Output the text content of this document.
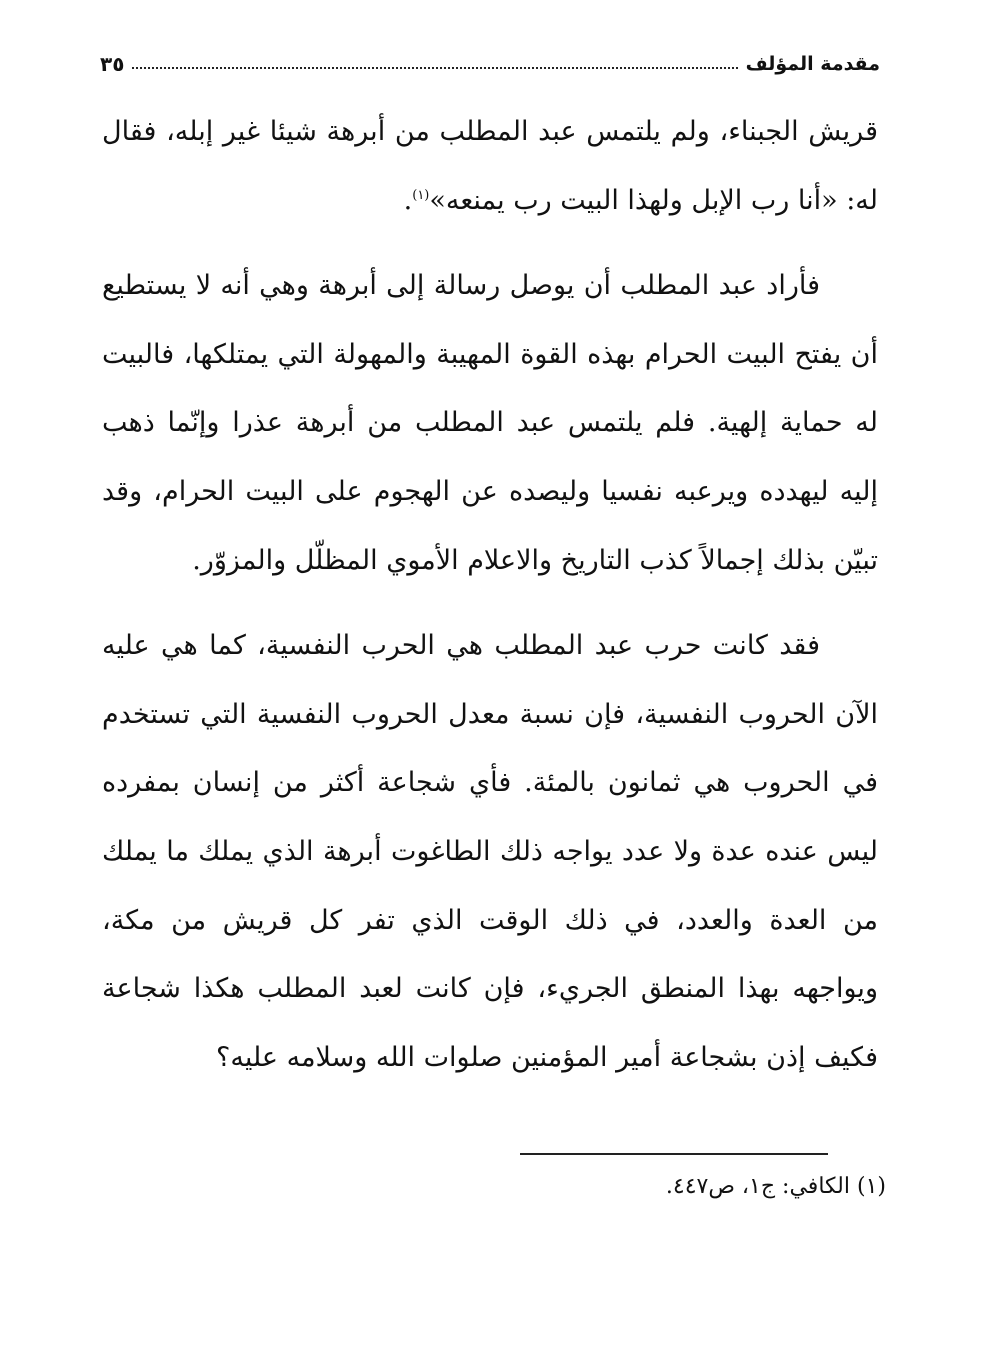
مقدمة المؤلف
٣٥

قريش الجبناء، ولم يلتمس عبد المطلب من أبرهة شيئا غير إبله، فقال له: «أنا رب الإبل ولهذا البيت رب يمنعه»$^{(١)}$.

فأراد عبد المطلب أن يوصل رسالة إلى أبرهة وهي أنه لا يستطيع أن يفتح البيت الحرام بهذه القوة المهيبة والمهولة التي يمتلكها، فالبيت له حماية إلهية. فلم يلتمس عبد المطلب من أبرهة عذرا وإنّما ذهب إليه ليهدده ويرعبه نفسيا وليصده عن الهجوم على البيت الحرام، وقد تبيّن بذلك إجمالاً كذب التاريخ والاعلام الأموي المظلّل والمزوّر.

فقد كانت حرب عبد المطلب هي الحرب النفسية، كما هي عليه الآن الحروب النفسية، فإن نسبة معدل الحروب النفسية التي تستخدم في الحروب هي ثمانون بالمئة. فأي شجاعة أكثر من إنسان بمفرده ليس عنده عدة ولا عدد يواجه ذلك الطاغوت أبرهة الذي يملك ما يملك من العدة والعدد، في ذلك الوقت الذي تفر كل قريش من مكة، ويواجهه بهذا المنطق الجريء، فإن كانت لعبد المطلب هكذا شجاعة فكيف إذن بشجاعة أمير المؤمنين صلوات الله وسلامه عليه؟

(١) الكافي: ج١، ص٤٤٧.
